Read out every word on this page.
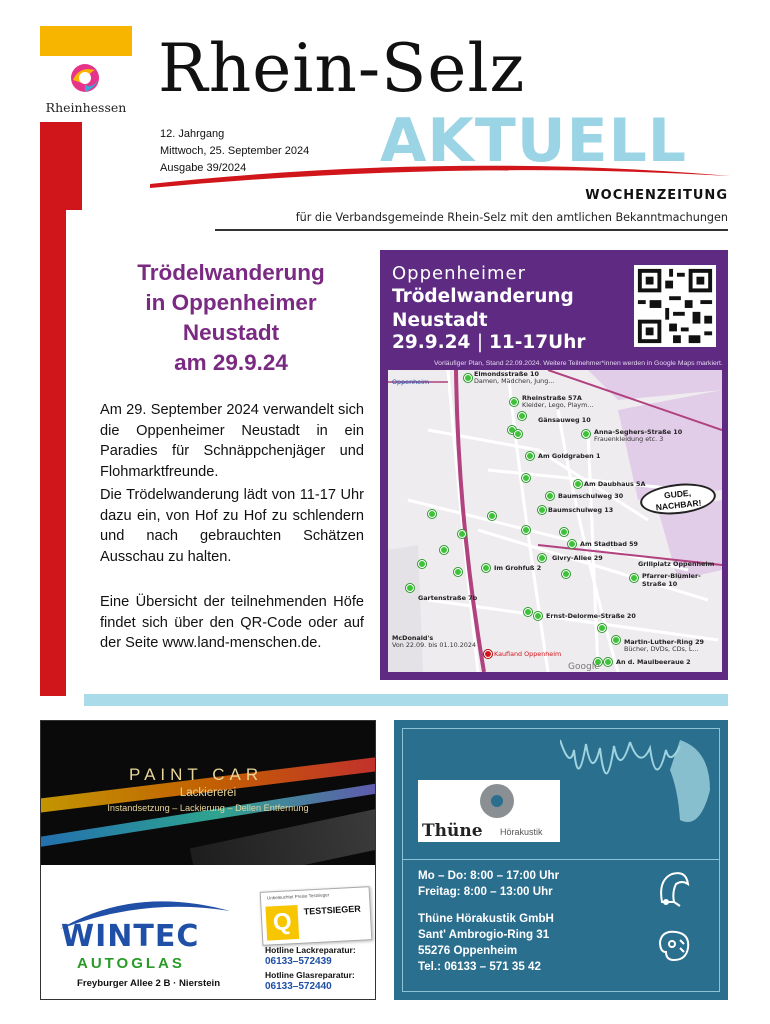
Rheinhessen
Rhein-Selz
AKTUELL
12. Jahrgang
Mittwoch, 25. September 2024
Ausgabe 39/2024
WOCHENZEITUNG
für die Verbandsgemeinde Rhein-Selz mit den amtlichen Bekanntmachungen
Trödelwanderung
in Oppenheimer
Neustadt
am 29.9.24

Am 29. September 2024 verwandelt sich die Oppenheimer Neustadt in ein Paradies für Schnäppchenjäger und Flohmarktfreunde.

Die Trödelwanderung lädt von 11-17 Uhr dazu ein, von Hof zu Hof zu schlendern und nach gebrauchten Schätzen Ausschau zu halten.

Eine Übersicht der teilnehmenden Höfe findet sich über den QR-Code oder auf der Seite www.land-menschen.de.

Oppenheimer
Trödelwanderung
Neustadt
29.9.24 | 11-17Uhr
Vorläufiger Plan, Stand 22.09.2024. Weitere Teilnehmer*innen werden in Google Maps markiert.
Oppenheim
Elmondsstraße 10
Damen, Mädchen, Jung...
Rheinstraße 57A
Kleider, Lego, Playm...
Gänsauweg 10
Anna-Seghers-Straße 10
Frauenkleidung etc. 3
Am Goldgraben 1
Am Daubhaus 5A
Baumschulweg 30
Baumschulweg 13
Am Stadtbad 59
Givry-Allee 29
Im Grohfuß 2	Grillplatz Oppenheim
Pfarrer-Blümler-Straße 10
Gartenstraße 7b
Ernst-Delorme-Straße 20
Martin-Luther-Ring 29
Bücher, DVDs, CDs, L...
McDonald's
Von 22.09. bis 01.10.2024
Kaufland Oppenheim
An d. Maulbeeraue 2
Google
GUDE,
NACHBAR!
PAINT CAR
Lackiererei
Instandsetzung – Lackierung – Dellen Entfernung
WINTEC
AUTOGLAS
Freyburger Allee 2 B · Nierstein
Unbeleuchtet Preise Testsieger
Q	TESTSIEGER
Hotline Lackreparatur:
06133–572439
Hotline Glasreparatur:
06133–572440
Thüne Hörakustik
Mo – Do: 8:00 – 17:00 Uhr
Freitag: 8:00 – 13:00 Uhr
Thüne Hörakustik GmbH
Sant' Ambrogio-Ring 31
55276 Oppenheim
Tel.: 06133 – 571 35 42
